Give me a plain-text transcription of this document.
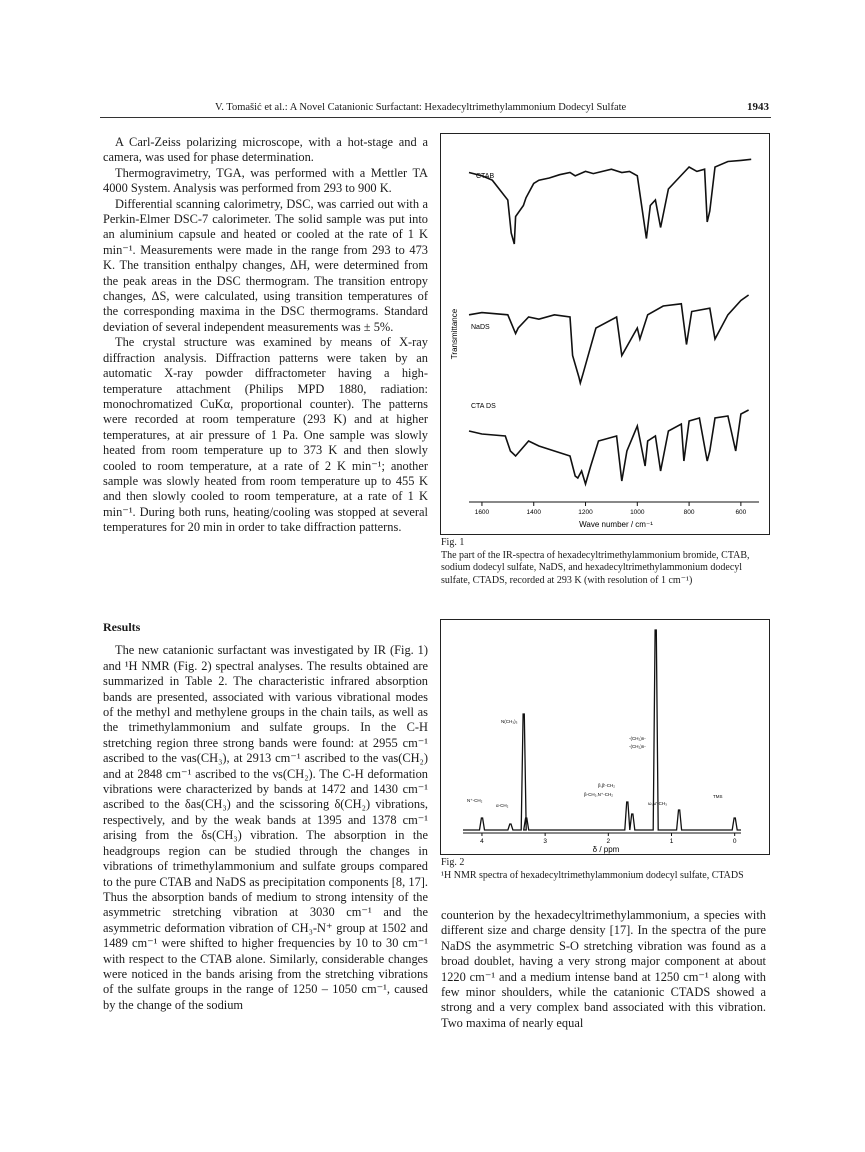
V. Tomašić et al.: A Novel Catanionic Surfactant: Hexadecyltrimethylammonium Dodecyl Sulfate	1943

A Carl-Zeiss polarizing microscope, with a hot-stage and a camera, was used for phase determination.

Thermogravimetry, TGA, was performed with a Mettler TA 4000 System. Analysis was performed from 293 to 900 K.

Differential scanning calorimetry, DSC, was carried out with a Perkin-Elmer DSC-7 calorimeter. The solid sample was put into an aluminium capsule and heated or cooled at the rate of 1 K min⁻¹. Measurements were made in the range from 293 to 473 K. The transition enthalpy changes, ΔH, were determined from the peak areas in the DSC thermogram. The transition entropy changes, ΔS, were calculated, using transition temperatures of the corresponding maxima in the DSC thermograms. Standard deviation of several independent measurements was ± 5%.

The crystal structure was examined by means of X-ray diffraction analysis. Diffraction patterns were taken by an automatic X-ray powder diffractometer having a high-temperature attachment (Philips MPD 1880, radiation: monochromatized CuKα, proportional counter). The patterns were recorded at room temperature (293 K) and at higher temperatures, at air pressure of 1 Pa. One sample was slowly heated from room temperature up to 373 K and then slowly cooled to room temperature, at a rate of 2 K min⁻¹; another sample was slowly heated from room temperature up to 455 K and then slowly cooled to room temperature, at a rate of 1 K min⁻¹. During both runs, heating/cooling was stopped at several temperatures for 20 min in order to take diffraction patterns.

Results

The new catanionic surfactant was investigated by IR (Fig. 1) and ¹H NMR (Fig. 2) spectral analyses. The results obtained are summarized in Table 2. The characteristic infrared absorption bands are presented, associated with various vibrational modes of the methyl and methylene groups in the chain tails, as well as the trimethylammonium and sulfate groups. In the C-H stretching region three strong bands were found: at 2955 cm⁻¹ ascribed to the νas(CH₃), at 2913 cm⁻¹ ascribed to the νas(CH₂) and at 2848 cm⁻¹ ascribed to the νs(CH₂). The C-H deformation vibrations were characterized by bands at 1472 and 1430 cm⁻¹ ascribed to the δas(CH₃) and the scissoring δ(CH₂) vibrations, respectively, and by the weak bands at 1395 and 1378 cm⁻¹ arising from the δs(CH₃) vibration. The absorption in the headgroups region can be studied through the changes in vibrations of trimethylammonium and sulfate groups compared to the pure CTAB and NaDS as precipitation components [8, 17]. Thus the absorption bands of medium to strong intensity of the asymmetric stretching vibration at 3030 cm⁻¹ and the asymmetric deformation vibration of CH₃-N⁺ group at 1502 and 1489 cm⁻¹ were shifted to higher frequencies by 10 to 30 cm⁻¹ with respect to the CTAB alone. Similarly, considerable changes were noticed in the bands arising from the stretching vibrations of the sulfate groups in the range of 1250 – 1050 cm⁻¹, caused by the change of the sodium

CTAB
NaDS
CTA DS
1600	1400	1200	1000	800	600
Wave number / cm⁻¹
Transmittance
Fig. 1
The part of the IR-spectra of hexadecyltrimethylammonium bromide, CTAB, sodium dodecyl sulfate, NaDS, and hexadecyltrimethylammonium dodecyl sulfate, CTADS, recorded at 293 K (with resolution of 1 cm⁻¹)
4	3	2	1	0
δ / ppm
N(CH₃)₃
-(CH₂)n-
-(CH₂)n-
N⁺-CH₂
α-CH₂
β,β'-CH₂
β-CH₂,N⁺-CH₂
ω,ω'-CH₃
TMS
Fig. 2
¹H NMR spectra of hexadecyltrimethylammonium dodecyl sulfate, CTADS

counterion by the hexadecyltrimethylammonium, a species with different size and charge density [17]. In the spectra of the pure NaDS the asymmetric S-O stretching vibration was found as a broad doublet, having a very strong major component at about 1220 cm⁻¹ and a medium intense band at 1250 cm⁻¹ along with few minor shoulders, while the catanionic CTADS showed a strong and a very complex band associated with this vibration. Two maxima of nearly equal
